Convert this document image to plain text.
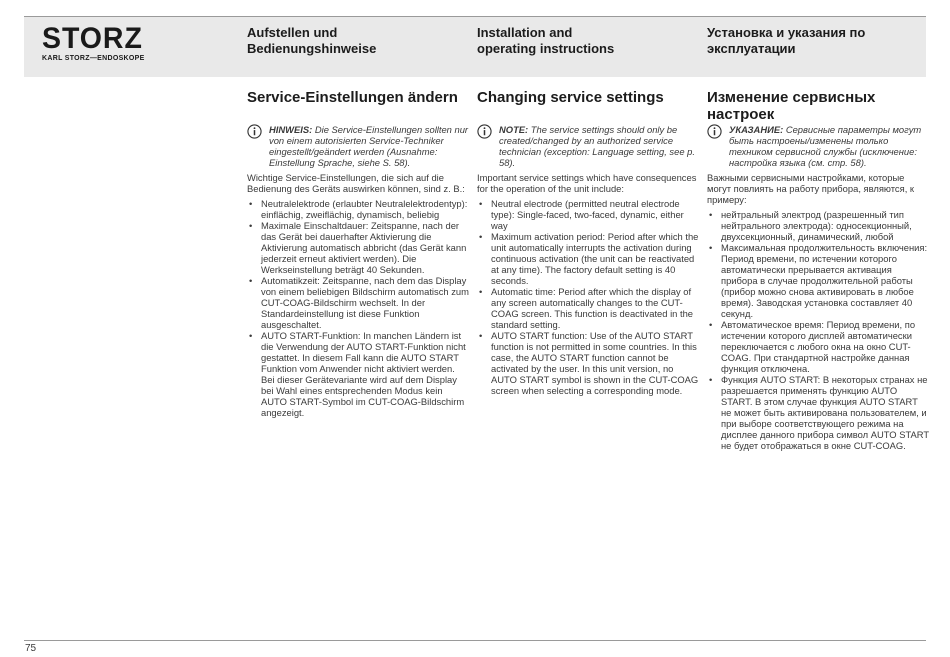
STORZ
KARL STORZ—ENDOSKOPE
Aufstellen und
Bedienungshinweise
Installation and
operating instructions
Установка и указания по
эксплуатации
Service-Einstellungen ändern	Changing service settings	Изменение сервисных
настроек
HINWEIS: Die Service-Einstellungen sollten nur von einem autorisierten Service-Techniker eingestellt/geändert werden (Ausnahme: Einstellung Sprache, siehe S. 58).
NOTE: The service settings should only be created/changed by an authorized service technician (exception: Language setting, see p. 58).
УКАЗАНИЕ: Сервисные параметры могут быть настроены/изменены только техником сервисной службы (исключение: настройка языка (см. стр. 58).

Wichtige Service-Einstellungen, die sich auf die Bedienung des Geräts auswirken können, sind z. B.:

• Neutralelektrode (erlaubter Neutralelektrodentyp): einflächig, zweiflächig, dynamisch, beliebig
• Maximale Einschaltdauer: Zeitspanne, nach der das Gerät bei dauerhafter Aktivierung die Aktivierung automatisch abbricht (das Gerät kann jederzeit erneut aktiviert werden). Die Werkseinstellung beträgt 40 Sekunden.
• Automatikzeit: Zeitspanne, nach dem das Display von einem beliebigen Bildschirm automatisch zum CUT-COAG-Bildschirm wechselt. In der Standardeinstellung ist diese Funktion ausgeschaltet.
• AUTO START-Funktion: In manchen Ländern ist die Verwendung der AUTO START-Funktion nicht gestattet. In diesem Fall kann die AUTO START Funktion vom Anwender nicht aktiviert werden. Bei dieser Gerätevariante wird auf dem Display bei Wahl eines entsprechenden Modus kein AUTO START-Symbol im CUT-COAG-Bildschirm angezeigt.

Important service settings which have consequences for the operation of the unit include:

• Neutral electrode (permitted neutral electrode type): Single-faced, two-faced, dynamic, either way
• Maximum activation period: Period after which the unit automatically interrupts the activation during continuous activation (the unit can be reactivated at any time). The factory default setting is 40 seconds.
• Automatic time: Period after which the display of any screen automatically changes to the CUT-COAG screen. This function is deactivated in the standard setting.
• AUTO START function: Use of the AUTO START function is not permitted in some countries. In this case, the AUTO START function cannot be activated by the user. In this unit version, no AUTO START symbol is shown in the CUT-COAG screen when selecting a corresponding mode.

Важными сервисными настройками, которые могут повлиять на работу прибора, являются, к примеру:

• нейтральный электрод (разрешенный тип нейтрального электрода): односекционный, двухсекционный, динамический, любой
• Максимальная продолжительность включения: Период времени, по истечении которого автоматически прерывается активация прибора в случае продолжительной работы (прибор можно снова активировать в любое время). Заводская установка составляет 40 секунд.
• Автоматическое время: Период времени, по истечении которого дисплей автоматически переключается с любого окна на окно CUT-COAG. При стандартной настройке данная функция отключена.
• Функция AUTO START: В некоторых странах не разрешается применять функцию AUTO START. В этом случае функция AUTO START не может быть активирована пользователем, и при выборе соответствующего режима на дисплее данного прибора символ AUTO START не будет отображаться в окне CUT-COAG.
75
